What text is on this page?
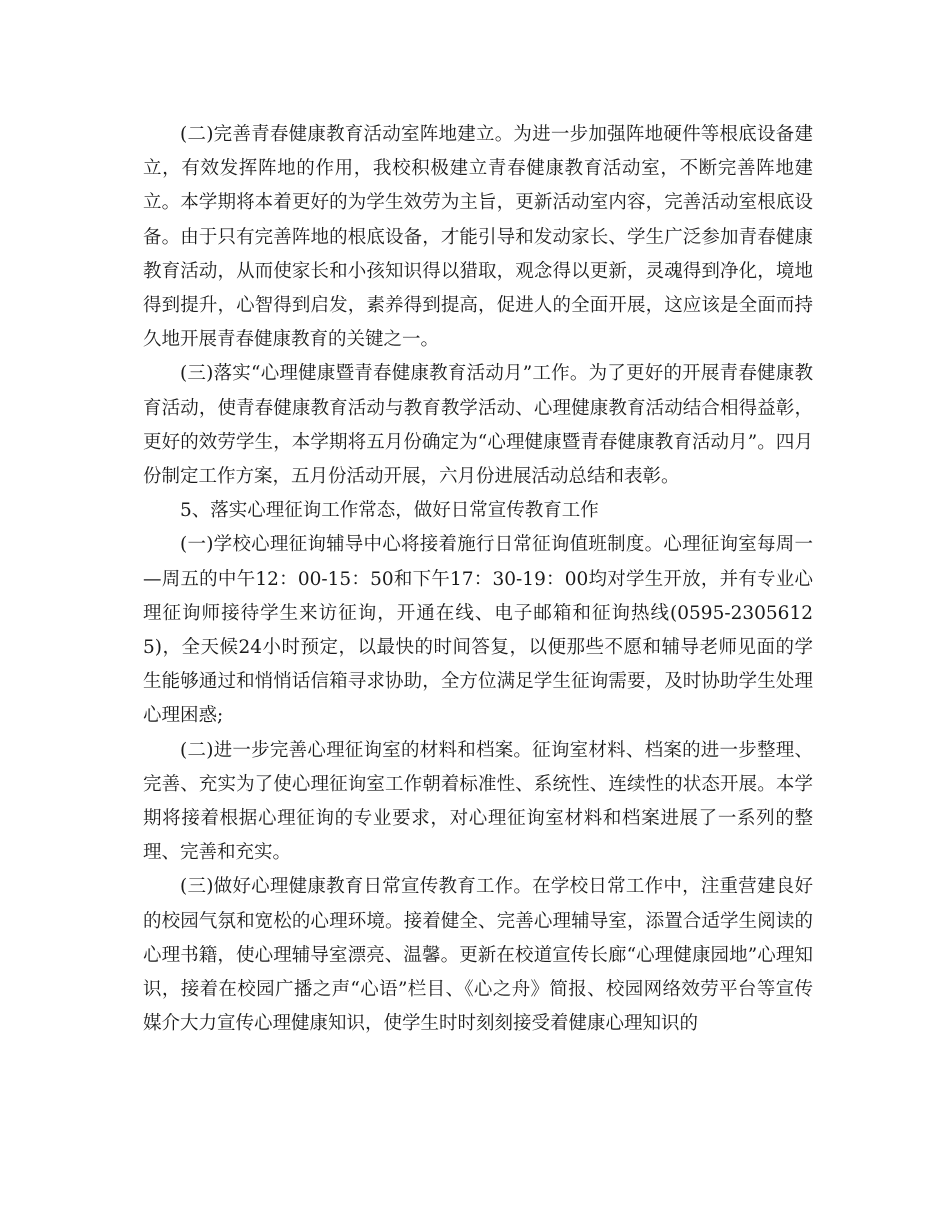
(二)完善青春健康教育活动室阵地建立。为进一步加强阵地硬件等根底设备建立，有效发挥阵地的作用，我校积极建立青春健康教育活动室，不断完善阵地建立。本学期将本着更好的为学生效劳为主旨，更新活动室内容，完善活动室根底设备。由于只有完善阵地的根底设备，才能引导和发动家长、学生广泛参加青春健康教育活动，从而使家长和小孩知识得以猎取，观念得以更新，灵魂得到净化，境地得到提升，心智得到启发，素养得到提高，促进人的全面开展，这应该是全面而持久地开展青春健康教育的关键之一。

(三)落实“心理健康暨青春健康教育活动月”工作。为了更好的开展青春健康教育活动，使青春健康教育活动与教育教学活动、心理健康教育活动结合相得益彰，更好的效劳学生，本学期将五月份确定为“心理健康暨青春健康教育活动月”。四月份制定工作方案，五月份活动开展，六月份进展活动总结和表彰。

5、落实心理征询工作常态，做好日常宣传教育工作

(一)学校心理征询辅导中心将接着施行日常征询值班制度。心理征询室每周一—周五的中午12：00-15：50和下午17：30-19：00均对学生开放，并有专业心理征询师接待学生来访征询，开通在线、电子邮箱和征询热线(0595-23056125)，全天候24小时预定，以最快的时间答复，以便那些不愿和辅导老师见面的学生能够通过和悄悄话信箱寻求协助，全方位满足学生征询需要，及时协助学生处理心理困惑;

(二)进一步完善心理征询室的材料和档案。征询室材料、档案的进一步整理、完善、充实为了使心理征询室工作朝着标准性、系统性、连续性的状态开展。本学期将接着根据心理征询的专业要求，对心理征询室材料和档案进展了一系列的整理、完善和充实。

(三)做好心理健康教育日常宣传教育工作。在学校日常工作中，注重营建良好的校园气氛和宽松的心理环境。接着健全、完善心理辅导室，添置合适学生阅读的心理书籍，使心理辅导室漂亮、温馨。更新在校道宣传长廊“心理健康园地”心理知识，接着在校园广播之声“心语”栏目、《心之舟》简报、校园网络效劳平台等宣传媒介大力宣传心理健康知识，使学生时时刻刻接受着健康心理知识的
